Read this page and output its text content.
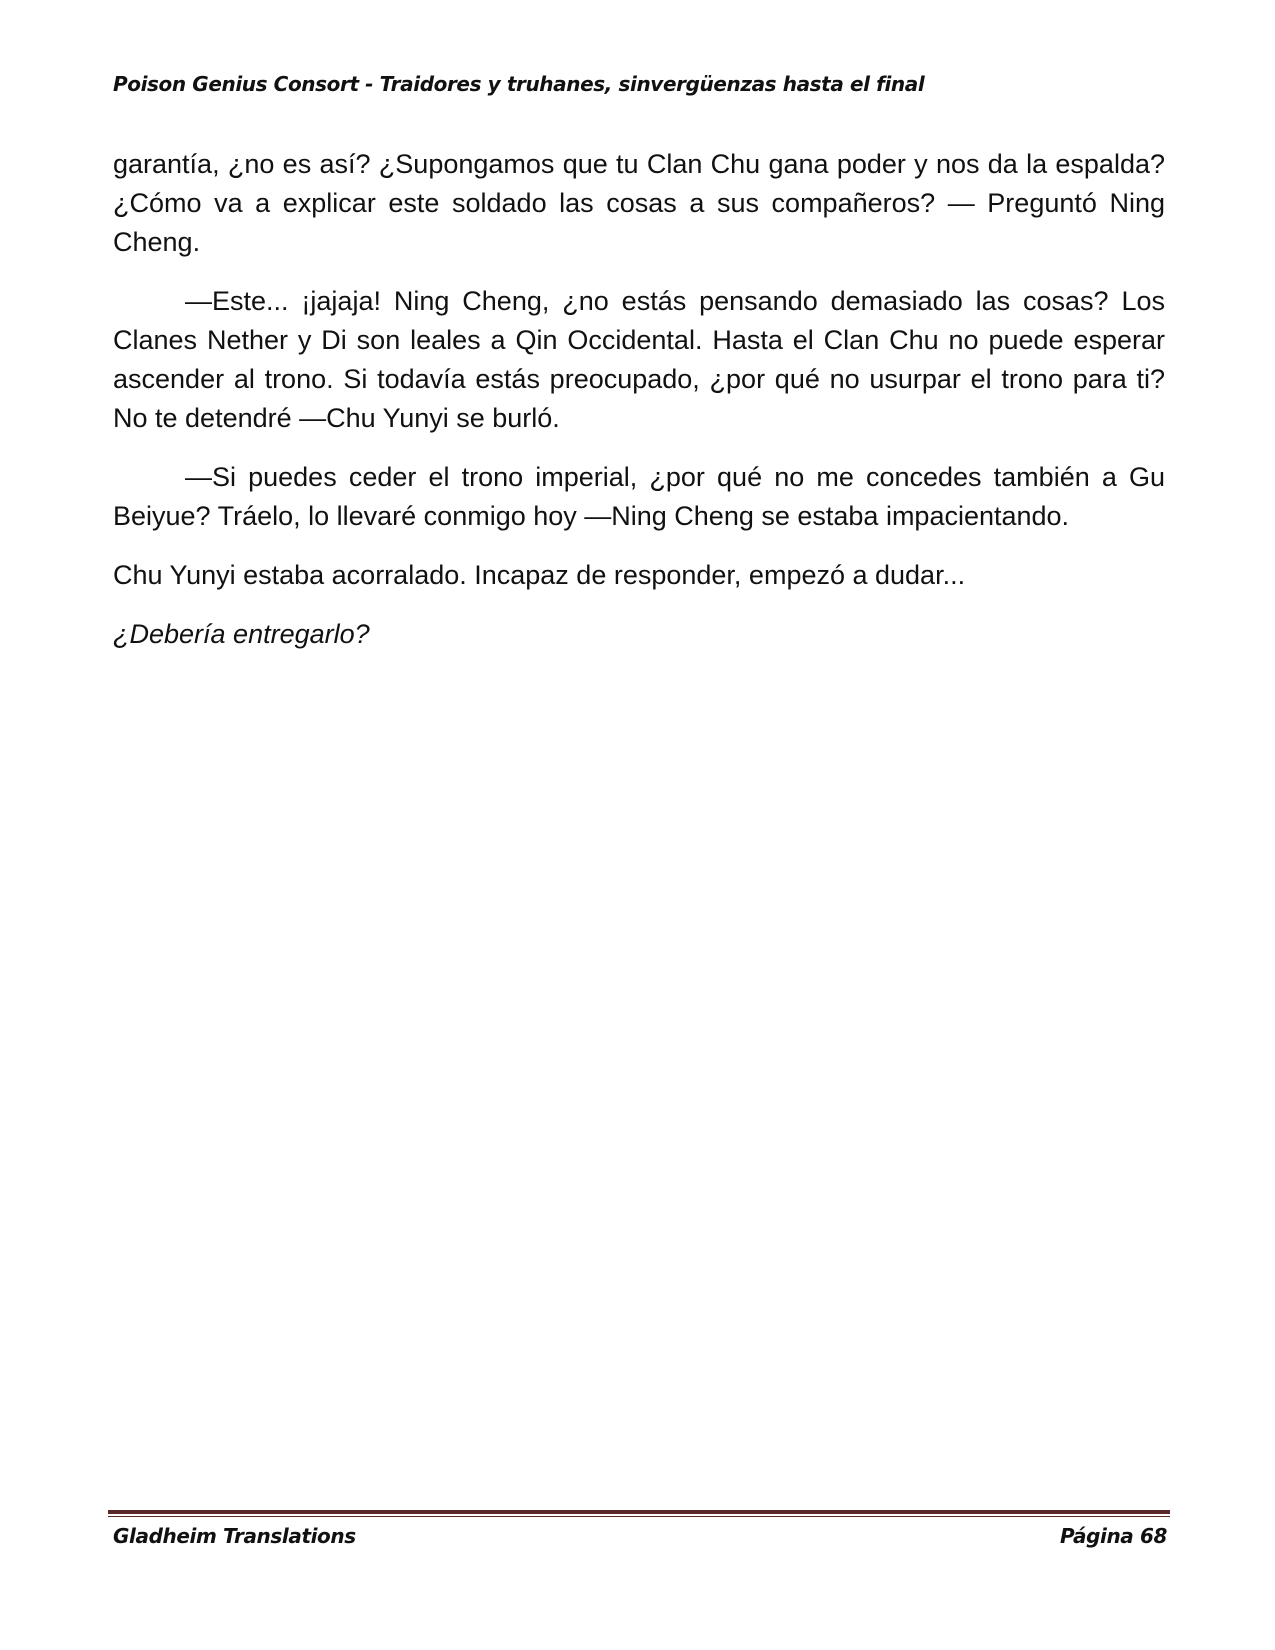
Poison Genius Consort - Traidores y truhanes, sinvergüenzas hasta el final

garantía, ¿no es así? ¿Supongamos que tu Clan Chu gana poder y nos da la espalda? ¿Cómo va a explicar este soldado las cosas a sus compañeros? — Preguntó Ning Cheng.

—Este... ¡jajaja! Ning Cheng, ¿no estás pensando demasiado las cosas? Los Clanes Nether y Di son leales a Qin Occidental. Hasta el Clan Chu no puede esperar ascender al trono. Si todavía estás preocupado, ¿por qué no usurpar el trono para ti? No te detendré —Chu Yunyi se burló.

—Si puedes ceder el trono imperial, ¿por qué no me concedes también a Gu Beiyue? Tráelo, lo llevaré conmigo hoy —Ning Cheng se estaba impacientando.

Chu Yunyi estaba acorralado. Incapaz de responder, empezó a dudar...

¿Debería entregarlo?

Gladheim Translations	Página 68
